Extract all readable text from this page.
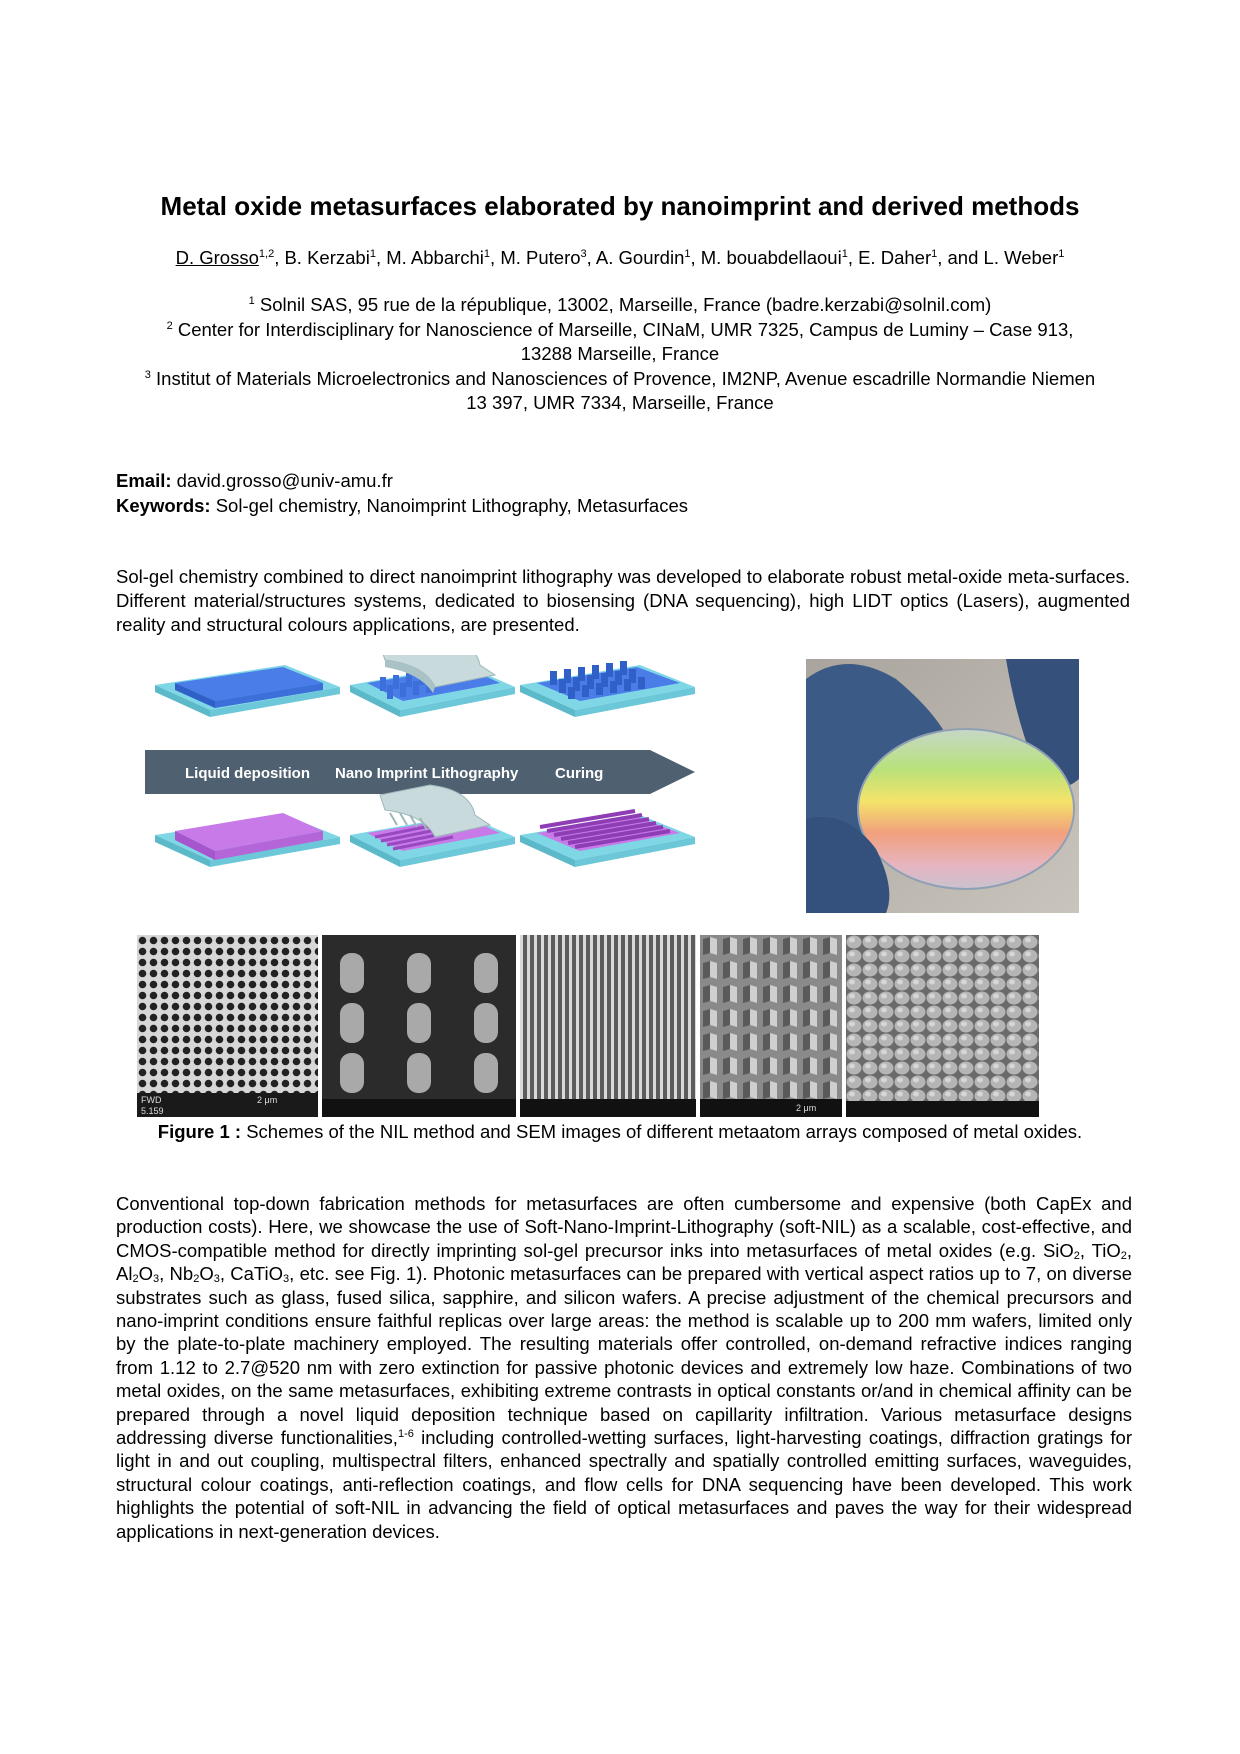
Metal oxide metasurfaces elaborated by nanoimprint and derived methods
D. Grosso$^{1,2}$, B. Kerzabi$^1$, M. Abbarchi$^1$, M. Putero$^3$, A. Gourdin$^1$, M. bouabdellaoui$^1$, E. Daher$^1$, and L. Weber$^1$

$^1$ Solnil SAS, 95 rue de la république, 13002, Marseille, France (badre.kerzabi@solnil.com)

$^2$ Center for Interdisciplinary for Nanoscience of Marseille, CINaM, UMR 7325, Campus de Luminy – Case 913, 13288 Marseille, France

$^3$ Institut of Materials Microelectronics and Nanosciences of Provence, IM2NP, Avenue escadrille Normandie Niemen 13 397, UMR 7334, Marseille, France

Email: david.grosso@univ-amu.fr

Keywords: Sol-gel chemistry, Nanoimprint Lithography, Metasurfaces

Sol-gel chemistry combined to direct nanoimprint lithography was developed to elaborate robust metal-oxide meta-surfaces. Different material/structures systems, dedicated to biosensing (DNA sequencing), high LIDT optics (Lasers), augmented reality and structural colours applications, are presented.
Liquid deposition Nano Imprint Lithography Curing
FWD
5.159
2 μm
2 μm
Figure 1 : Schemes of the NIL method and SEM images of different metaatom arrays composed of metal oxides.
Conventional top-down fabrication methods for metasurfaces are often cumbersome and expensive (both CapEx and production costs). Here, we showcase the use of Soft-Nano-Imprint-Lithography (soft-NIL) as a scalable, cost-effective, and CMOS-compatible method for directly imprinting sol-gel precursor inks into metasurfaces of metal oxides (e.g. SiO$_2$, TiO$_2$, $Al_2O_3$, $Nb_2O_3$, CaTiO$_3$, etc. see Fig. 1). Photonic metasurfaces can be prepared with vertical aspect ratios up to 7, on diverse substrates such as glass, fused silica, sapphire, and silicon wafers. A precise adjustment of the chemical precursors and nano-imprint conditions ensure faithful replicas over large areas: the method is scalable up to 200 mm wafers, limited only by the plate-to-plate machinery employed. The resulting materials offer controlled, on-demand refractive indices ranging from 1.12 to 2.7@520 nm with zero extinction for passive photonic devices and extremely low haze. Combinations of two metal oxides, on the same metasurfaces, exhibiting extreme contrasts in optical constants or/and in chemical affinity can be prepared through a novel liquid deposition technique based on capillarity infiltration. Various metasurface designs addressing diverse functionalities,$^{1-6}$ including controlled-wetting surfaces, light-harvesting coatings, diffraction gratings for light in and out coupling, multispectral filters, enhanced spectrally and spatially controlled emitting surfaces, waveguides, structural colour coatings, anti-reflection coatings, and flow cells for DNA sequencing have been developed. This work highlights the potential of soft-NIL in advancing the field of optical metasurfaces and paves the way for their widespread applications in next-generation devices.
